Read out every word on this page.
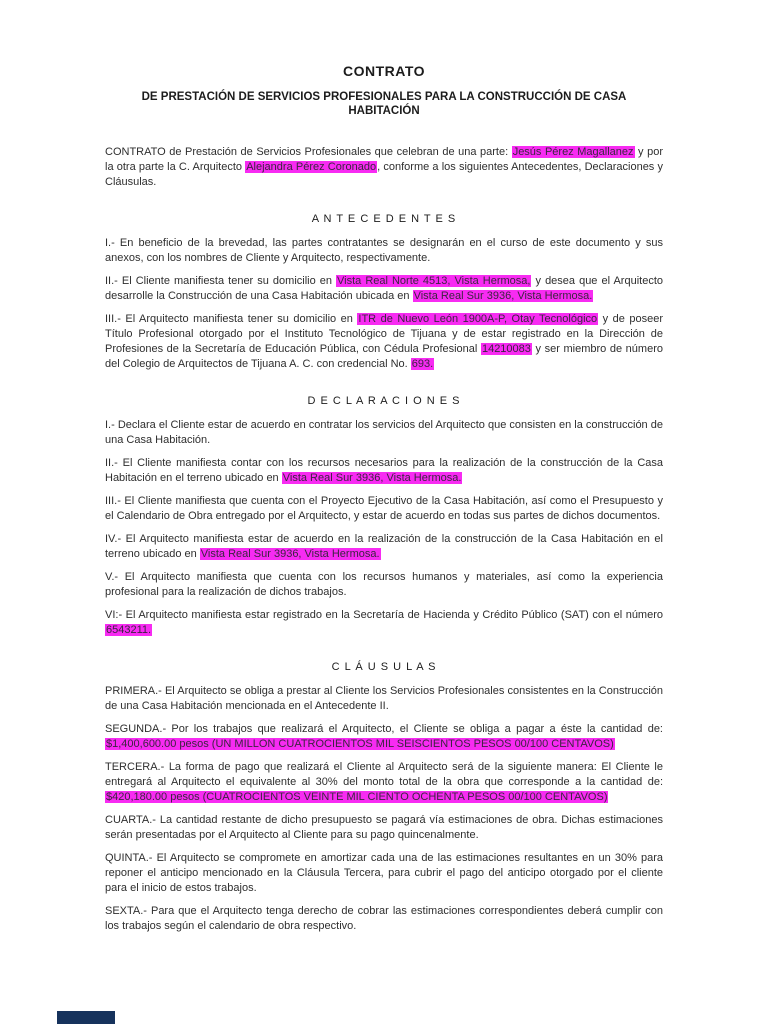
CONTRATO
DE PRESTACIÓN DE SERVICIOS PROFESIONALES PARA LA CONSTRUCCIÓN DE CASA HABITACIÓN

CONTRATO de Prestación de Servicios Profesionales que celebran de una parte: Jesús Pérez Magallanez y por la otra parte la C. Arquitecto Alejandra Pérez Coronado, conforme a los siguientes Antecedentes, Declaraciones y Cláusulas.

A N T E C E D E N T E S

I.- En beneficio de la brevedad, las partes contratantes se designarán en el curso de este documento y sus anexos, con los nombres de Cliente y Arquitecto, respectivamente.

II.- El Cliente manifiesta tener su domicilio en Vista Real Norte 4513, Vista Hermosa, y desea que el Arquitecto desarrolle la Construcción de una Casa Habitación ubicada en Vista Real Sur 3936, Vista Hermosa.

III.- El Arquitecto manifiesta tener su domicilio en ITR de Nuevo León 1900A-P, Otay Tecnológico y de poseer Título Profesional otorgado por el Instituto Tecnológico de Tijuana y de estar registrado en la Dirección de Profesiones de la Secretaría de Educación Pública, con Cédula Profesional 14210083 y ser miembro de número del Colegio de Arquitectos de Tijuana A. C. con credencial No. 693.

D E C L A R A C I O N E S

I.- Declara el Cliente estar de acuerdo en contratar los servicios del Arquitecto que consisten en la construcción de una Casa Habitación.

II.- El Cliente manifiesta contar con los recursos necesarios para la realización de la construcción de la Casa Habitación en el terreno ubicado en Vista Real Sur 3936, Vista Hermosa.

III.- El Cliente manifiesta que cuenta con el Proyecto Ejecutivo de la Casa Habitación, así como el Presupuesto y el Calendario de Obra entregado por el Arquitecto, y estar de acuerdo en todas sus partes de dichos documentos.

IV.- El Arquitecto manifiesta estar de acuerdo en la realización de la construcción de la Casa Habitación en el terreno ubicado en Vista Real Sur 3936, Vista Hermosa.

V.- El Arquitecto manifiesta que cuenta con los recursos humanos y materiales, así como la experiencia profesional para la realización de dichos trabajos.

VI:- El Arquitecto manifiesta estar registrado en la Secretaría de Hacienda y Crédito Público (SAT) con el número 6543211.

C L Á U S U L A S

PRIMERA.- El Arquitecto se obliga a prestar al Cliente los Servicios Profesionales consistentes en la Construcción de una Casa Habitación mencionada en el Antecedente II.

SEGUNDA.- Por los trabajos que realizará el Arquitecto, el Cliente se obliga a pagar a éste la cantidad de: $1,400,600.00 pesos (UN MILLON CUATROCIENTOS MIL SEISCIENTOS PESOS 00/100 CENTAVOS)

TERCERA.- La forma de pago que realizará el Cliente al Arquitecto será de la siguiente manera: El Cliente le entregará al Arquitecto el equivalente al 30% del monto total de la obra que corresponde a la cantidad de: $420,180.00 pesos (CUATROCIENTOS VEINTE MIL CIENTO OCHENTA PESOS 00/100 CENTAVOS)

CUARTA.- La cantidad restante de dicho presupuesto se pagará vía estimaciones de obra. Dichas estimaciones serán presentadas por el Arquitecto al Cliente para su pago quincenalmente.

QUINTA.- El Arquitecto se compromete en amortizar cada una de las estimaciones resultantes en un 30% para reponer el anticipo mencionado en la Cláusula Tercera, para cubrir el pago del anticipo otorgado por el cliente para el inicio de estos trabajos.

SEXTA.- Para que el Arquitecto tenga derecho de cobrar las estimaciones correspondientes deberá cumplir con los trabajos según el calendario de obra respectivo.
